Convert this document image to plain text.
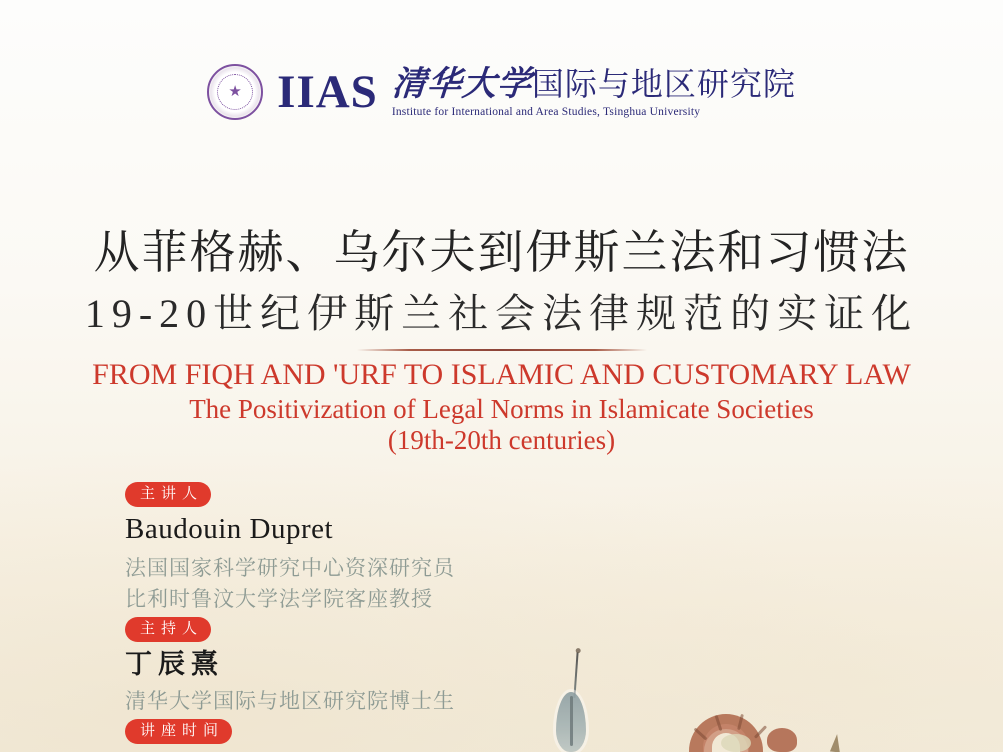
★ IIAS 清华大学
国际与地区研究院
Institute for International and Area Studies, Tsinghua University
从菲格赫、乌尔夫到伊斯兰法和习惯法
19-20世纪伊斯兰社会法律规范的实证化
FROM FIQH AND 'URF TO ISLAMIC AND CUSTOMARY LAW
The Positivization of Legal Norms in Islamicate Societies
(19th-20th centuries)
主讲人
Baudouin Dupret
法国国家科学研究中心资深研究员
比利时鲁汶大学法学院客座教授
主持人
丁辰熹
清华大学国际与地区研究院博士生
讲座时间
